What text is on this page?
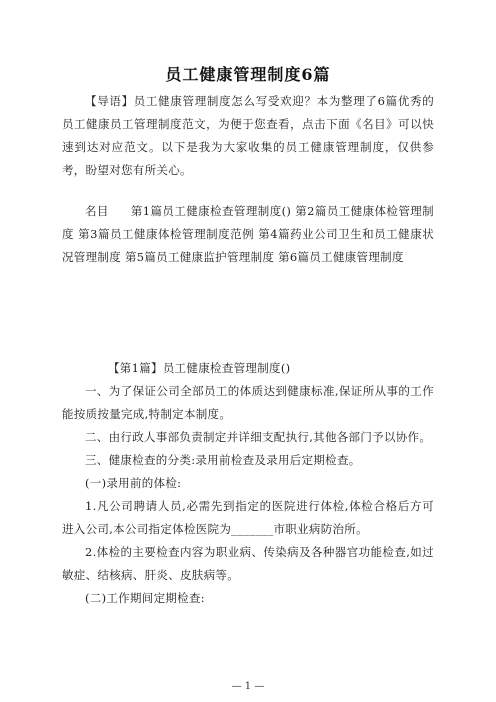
员工健康管理制度6篇

【导语】员工健康管理制度怎么写受欢迎？本为整理了6篇优秀的员工健康员工管理制度范文，为便于您查看，点击下面《名目》可以快速到达对应范文。以下是我为大家收集的员工健康管理制度，仅供参考，盼望对您有所关心。

名目 第1篇员工健康检查管理制度() 第2篇员工健康体检管理制度 第3篇员工健康体检管理制度范例 第4篇药业公司卫生和员工健康状况管理制度 第5篇员工健康监护管理制度 第6篇员工健康管理制度

【第1篇】员工健康检查管理制度()

一、为了保证公司全部员工的体质达到健康标准,保证所从事的工作能按质按量完成,特制定本制度。

二、由行政人事部负责制定并详细支配执行,其他各部门予以协作。

三、健康检查的分类:录用前检查及录用后定期检查。

(一)录用前的体检:

1.凡公司聘请人员,必需先到指定的医院进行体检,体检合格后方可进入公司,本公司指定体检医院为_______市职业病防治所。

2.体检的主要检查内容为职业病、传染病及各种器官功能检查,如过敏症、结核病、肝炎、皮肤病等。

(二)工作期间定期检查:

— 1 —
